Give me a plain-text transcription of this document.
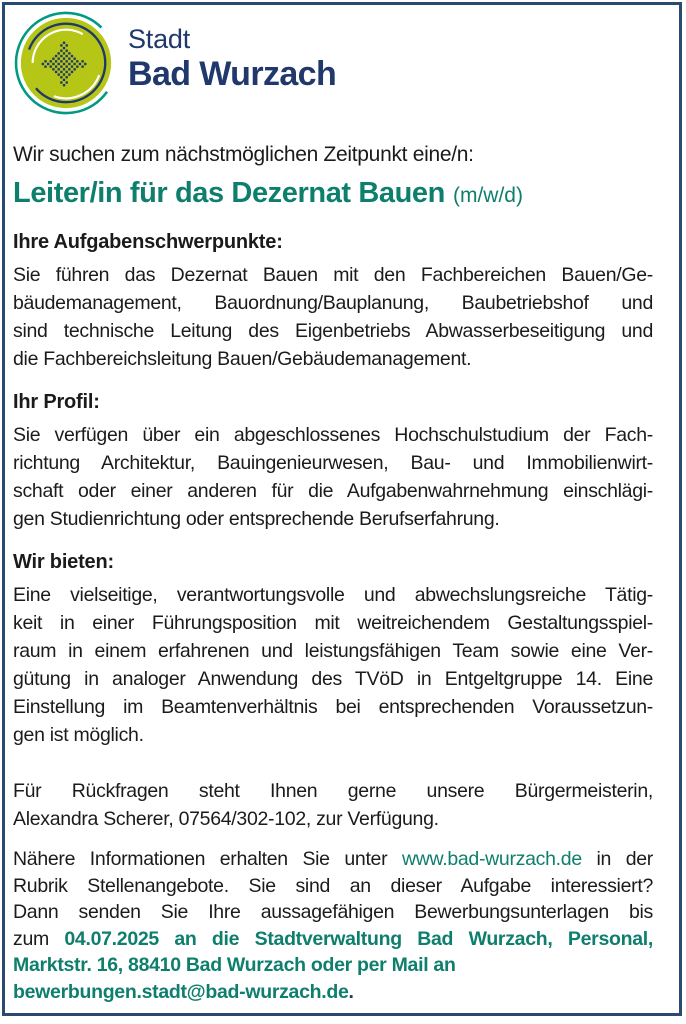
Stadt
Bad Wurzach

Wir suchen zum nächstmöglichen Zeitpunkt eine/n:

Leiter/in für das Dezernat Bauen (m/w/d)
Ihre Aufgabenschwerpunkte:
Sie führen das Dezernat Bauen mit den Fachbereichen Bauen/Ge-
bäudemanagement, Bauordnung/Bauplanung, Baubetriebshof und
sind technische Leitung des Eigenbetriebs Abwasserbeseitigung und
die Fachbereichsleitung Bauen/Gebäudemanagement.
Ihr Profil:
Sie verfügen über ein abgeschlossenes Hochschulstudium der Fach-
richtung Architektur, Bauingenieurwesen, Bau- und Immobilienwirt-
schaft oder einer anderen für die Aufgabenwahrnehmung einschlägi-
gen Studienrichtung oder entsprechende Berufserfahrung.
Wir bieten:
Eine vielseitige, verantwortungsvolle und abwechslungsreiche Tätig-
keit in einer Führungsposition mit weitreichendem Gestaltungsspiel-
raum in einem erfahrenen und leistungsfähigen Team sowie eine Ver-
gütung in analoger Anwendung des TVöD in Entgeltgruppe 14. Eine
Einstellung im Beamtenverhältnis bei entsprechenden Voraussetzun-
gen ist möglich.
Für Rückfragen steht Ihnen gerne unsere Bürgermeisterin,
Alexandra Scherer, 07564/302-102, zur Verfügung.
Nähere Informationen erhalten Sie unter www.bad-wurzach.de in der
Rubrik Stellenangebote. Sie sind an dieser Aufgabe interessiert?
Dann senden Sie Ihre aussagefähigen Bewerbungsunterlagen bis
zum 04.07.2025 an die Stadtverwaltung Bad Wurzach, Personal,
Marktstr. 16, 88410 Bad Wurzach oder per Mail an
bewerbungen.stadt@bad-wurzach.de.
